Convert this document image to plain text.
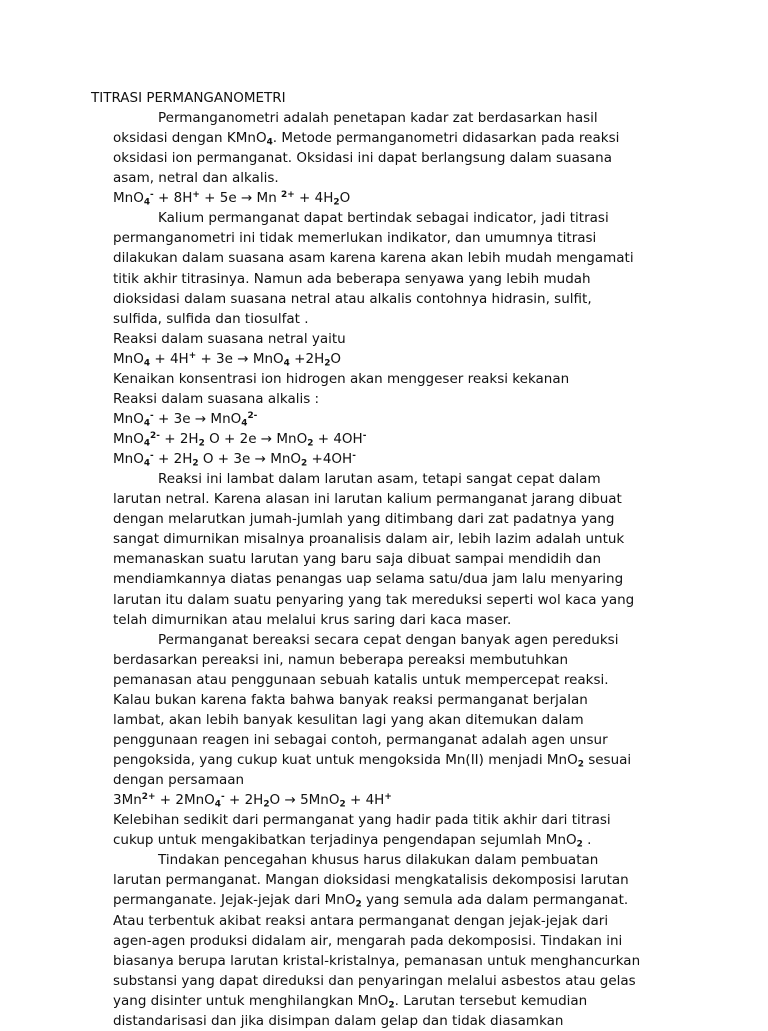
TITRASI PERMANGANOMETRI
Permanganometri adalah penetapan kadar zat berdasarkan hasil
oksidasi dengan KMnO$_4$. Metode permanganometri didasarkan pada reaksi
oksidasi ion permanganat. Oksidasi ini dapat berlangsung dalam suasana
asam, netral dan alkalis.
MnO$_4$- + 8H+ + 5e → Mn $^{2+} + 4H_2O$
Kalium permanganat dapat bertindak sebagai indicator, jadi titrasi
permanganometri ini tidak memerlukan indikator, dan umumnya titrasi
dilakukan dalam suasana asam karena karena akan lebih mudah mengamati
titik akhir titrasinya. Namun ada beberapa senyawa yang lebih mudah
dioksidasi dalam suasana netral atau alkalis contohnya hidrasin, sulfit,
sulfida, sulfida dan tiosulfat .
Reaksi dalam suasana netral yaitu
$MnO_4 + 4H^+ + 3e \to MnO_4 +2H_2O$
Kenaikan konsentrasi ion hidrogen akan menggeser reaksi kekanan
Reaksi dalam suasana alkalis :
MnO$_4$- + 3e → MnO$_4^{2-}$
$MnO_4^{2-} + 2H_2$ O + 2e → MnO$_2$ + 4OH-
$MnO_4^- + 2H_2$ O + 3e → MnO$_2$ +4OH-
Reaksi ini lambat dalam larutan asam, tetapi sangat cepat dalam
larutan netral. Karena alasan ini larutan kalium permanganat jarang dibuat
dengan melarutkan jumah-jumlah yang ditimbang dari zat padatnya yang
sangat dimurnikan misalnya proanalisis dalam air, lebih lazim adalah untuk
memanaskan suatu larutan yang baru saja dibuat sampai mendidih dan
mendiamkannya diatas penangas uap selama satu/dua jam lalu menyaring
larutan itu dalam suatu penyaring yang tak mereduksi seperti wol kaca yang
telah dimurnikan atau melalui krus saring dari kaca maser.
Permanganat bereaksi secara cepat dengan banyak agen pereduksi
berdasarkan pereaksi ini, namun beberapa pereaksi membutuhkan
pemanasan atau penggunaan sebuah katalis untuk mempercepat reaksi.
Kalau bukan karena fakta bahwa banyak reaksi permanganat berjalan
lambat, akan lebih banyak kesulitan lagi yang akan ditemukan dalam
penggunaan reagen ini sebagai contoh, permanganat adalah agen unsur
pengoksida, yang cukup kuat untuk mengoksida Mn(II) menjadi MnO$_2$ sesuai
dengan persamaan
$3Mn^{2+} + 2MnO_4^- + 2H_2O \to 5MnO_2 + 4H^+$
Kelebihan sedikit dari permanganat yang hadir pada titik akhir dari titrasi
cukup untuk mengakibatkan terjadinya pengendapan sejumlah MnO$_2$ .
Tindakan pencegahan khusus harus dilakukan dalam pembuatan
larutan permanganat. Mangan dioksidasi mengkatalisis dekomposisi larutan
permanganate. Jejak-jejak dari MnO$_2$ yang semula ada dalam permanganat.
Atau terbentuk akibat reaksi antara permanganat dengan jejak-jejak dari
agen-agen produksi didalam air, mengarah pada dekomposisi. Tindakan ini
biasanya berupa larutan kristal-kristalnya, pemanasan untuk menghancurkan
substansi yang dapat direduksi dan penyaringan melalui asbestos atau gelas
yang disinter untuk menghilangkan MnO$_2$. Larutan tersebut kemudian
distandarisasi dan jika disimpan dalam gelap dan tidak diasamkan
